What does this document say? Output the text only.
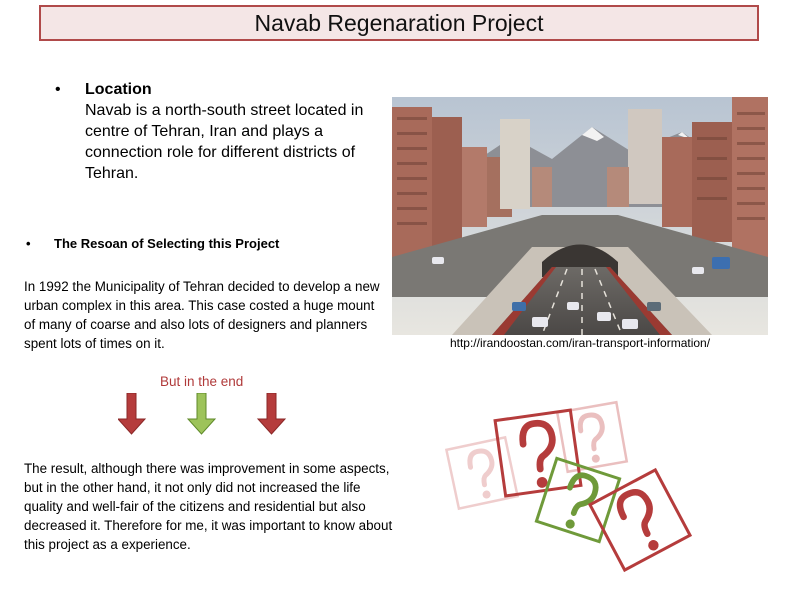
Navab Regenaration Project
• Location
Navab is a north-south street located in centre of Tehran, Iran and plays a connection role for different districts of Tehran.
• The Resoan of Selecting this Project
In 1992 the Municipality of Tehran decided to develop a new urban complex in this area. This case costed a huge mount of many of coarse and also lots of designers and planners spent lots of times on it.
But in the end
The result, although there was improvement in some aspects, but in the other hand, it not only did not increased the life quality and well-fair of the citizens and residential but also decreased it. Therefore for me, it was important to know about this project as a experience.
http://irandoostan.com/iran-transport-information/
